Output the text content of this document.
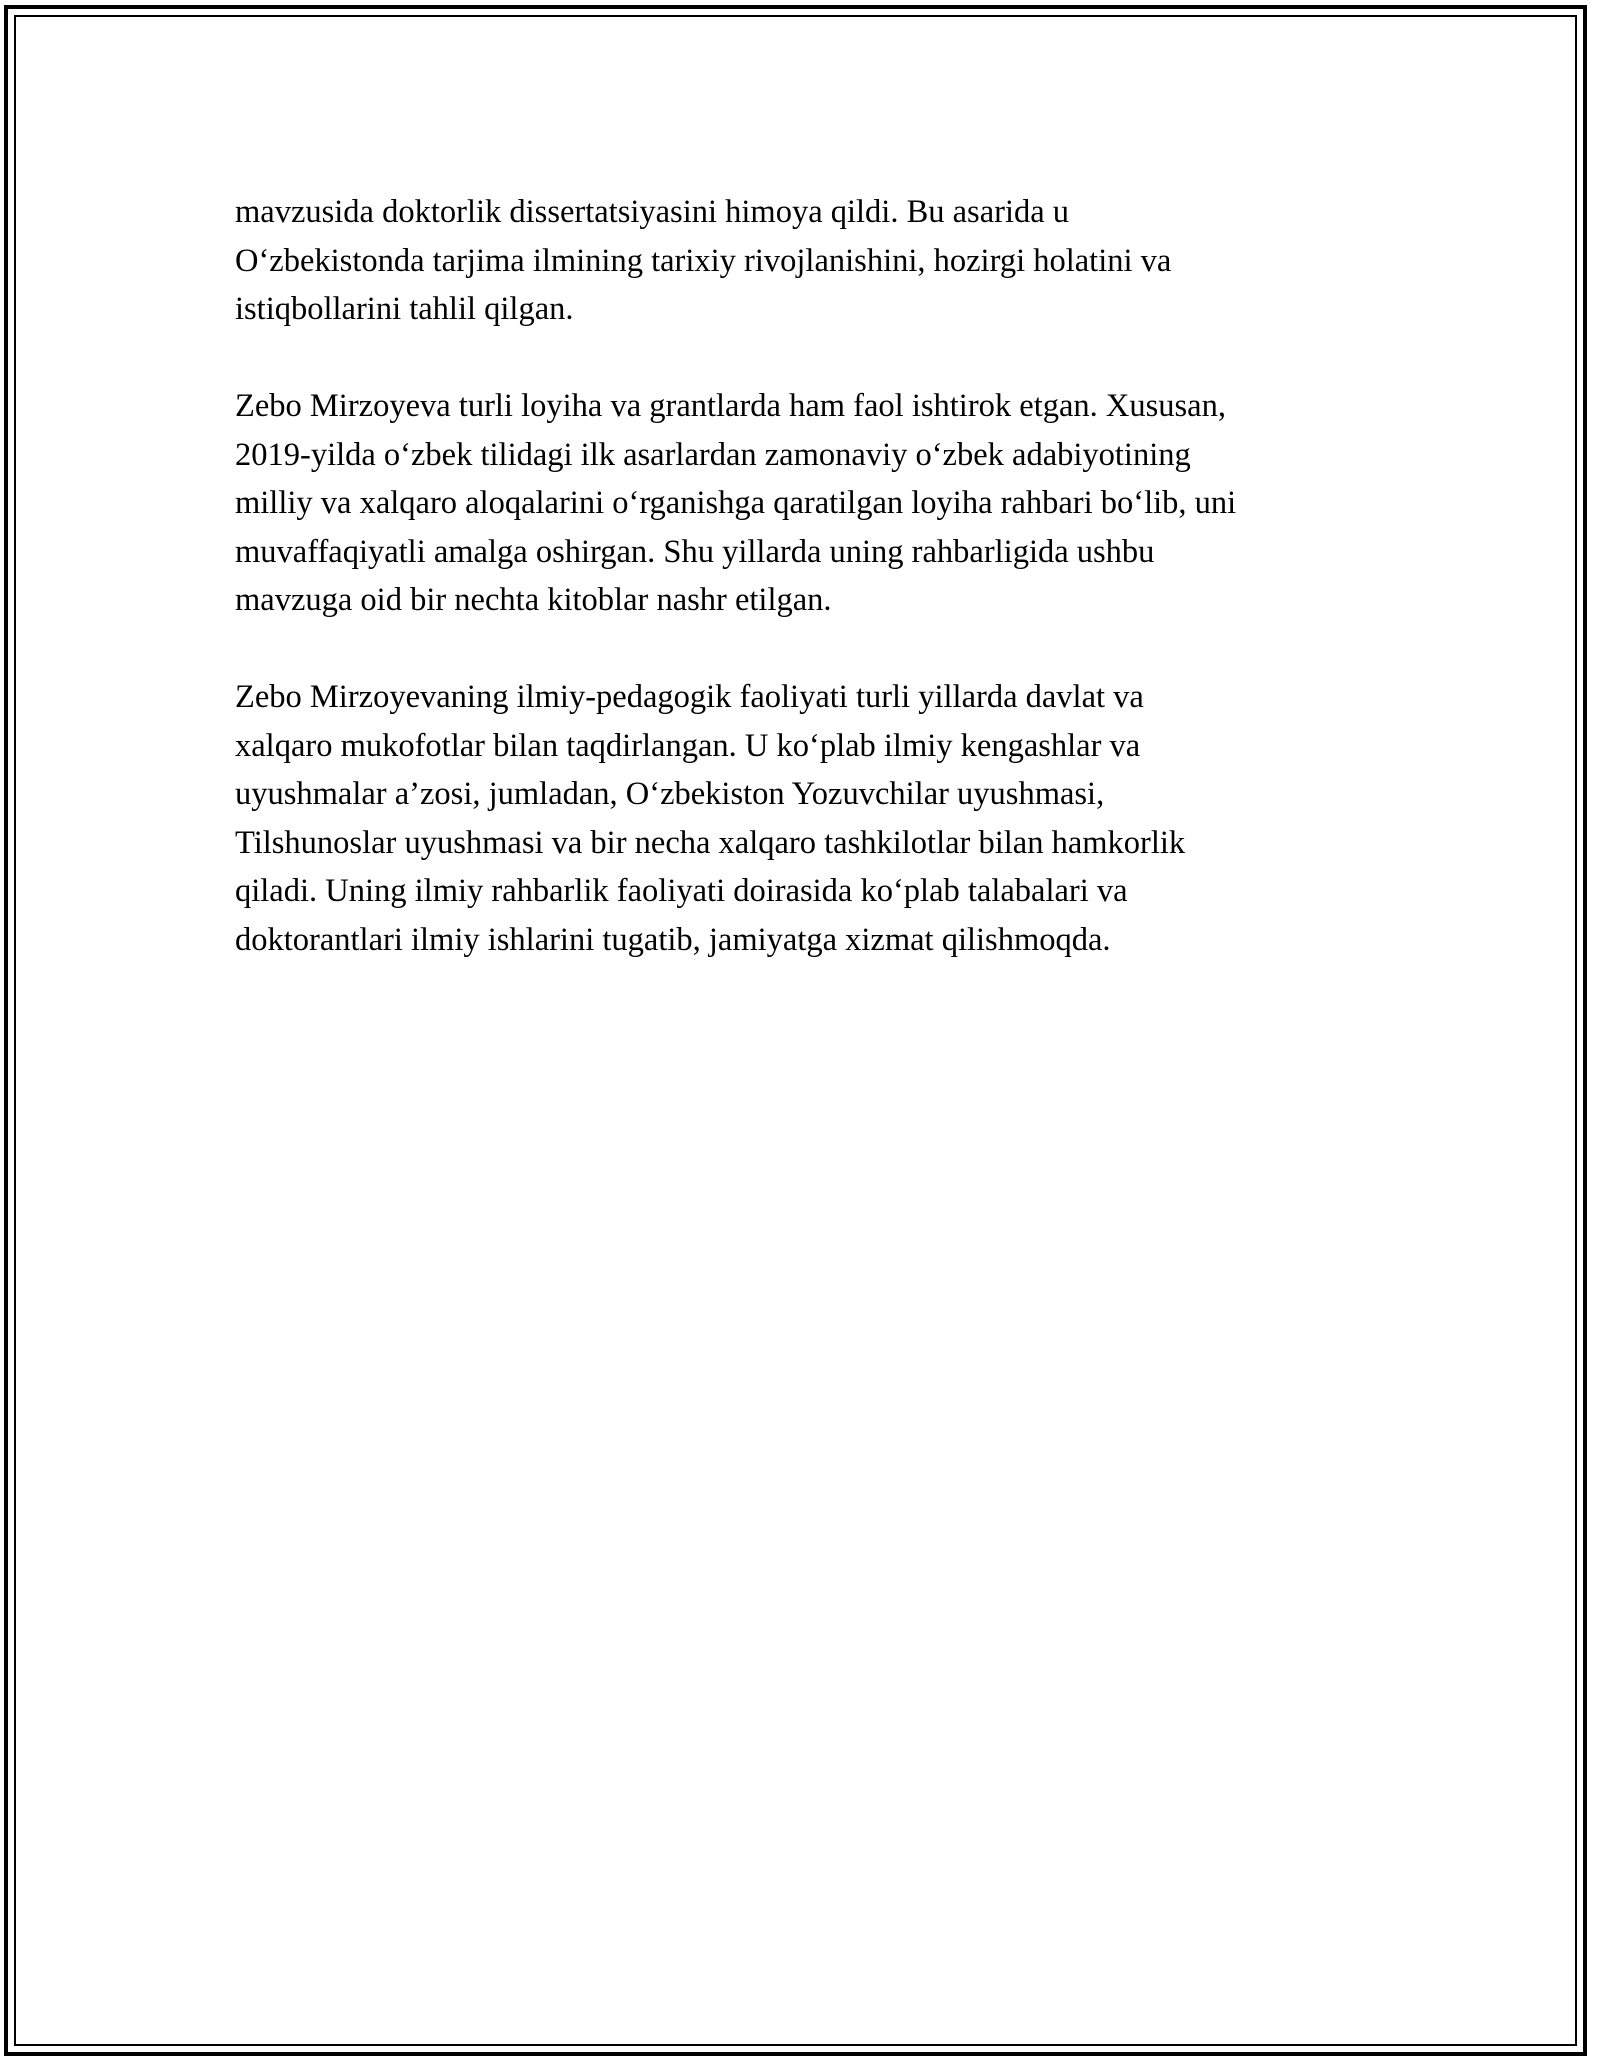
mavzusida doktorlik dissertatsiyasini himoya qildi. Bu asarida u
O‘zbekistonda tarjima ilmining tarixiy rivojlanishini, hozirgi holatini va
istiqbollarini tahlil qilgan.

Zebo Mirzoyeva turli loyiha va grantlarda ham faol ishtirok etgan. Xususan,
2019-yilda o‘zbek tilidagi ilk asarlardan zamonaviy o‘zbek adabiyotining
milliy va xalqaro aloqalarini o‘rganishga qaratilgan loyiha rahbari bo‘lib, uni
muvaffaqiyatli amalga oshirgan. Shu yillarda uning rahbarligida ushbu
mavzuga oid bir nechta kitoblar nashr etilgan.

Zebo Mirzoyevaning ilmiy-pedagogik faoliyati turli yillarda davlat va
xalqaro mukofotlar bilan taqdirlangan. U ko‘plab ilmiy kengashlar va
uyushmalar a’zosi, jumladan, O‘zbekiston Yozuvchilar uyushmasi,
Tilshunoslar uyushmasi va bir necha xalqaro tashkilotlar bilan hamkorlik
qiladi. Uning ilmiy rahbarlik faoliyati doirasida ko‘plab talabalari va
doktorantlari ilmiy ishlarini tugatib, jamiyatga xizmat qilishmoqda.
